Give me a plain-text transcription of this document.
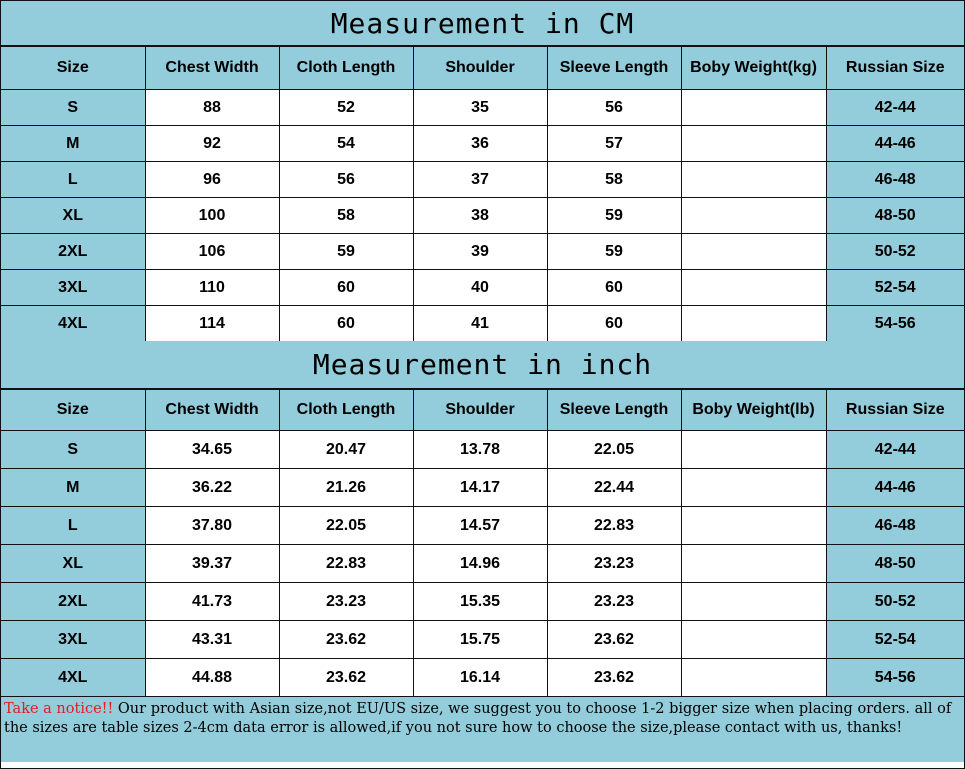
Measurement in CM
Size	Chest Width	Cloth Length	Shoulder	Sleeve Length	Boby Weight(kg)	Russian Size
S	88	52	35	56		42-44
M	92	54	36	57		44-46
L	96	56	37	58		46-48
XL	100	58	38	59		48-50
2XL	106	59	39	59		50-52
3XL	110	60	40	60		52-54
4XL	114	60	41	60		54-56
Measurement in inch
Size	Chest Width	Cloth Length	Shoulder	Sleeve Length	Boby Weight(lb)	Russian Size
S	34.65	20.47	13.78	22.05		42-44
M	36.22	21.26	14.17	22.44		44-46
L	37.80	22.05	14.57	22.83		46-48
XL	39.37	22.83	14.96	23.23		48-50
2XL	41.73	23.23	15.35	23.23		50-52
3XL	43.31	23.62	15.75	23.62		52-54
4XL	44.88	23.62	16.14	23.62		54-56
Take a notice!! Our product with Asian size,not EU/US size, we suggest you to choose 1-2 bigger size when placing orders. all of the sizes are table sizes 2-4cm data error is allowed,if you not sure how to choose the size,please contact with us, thanks!
